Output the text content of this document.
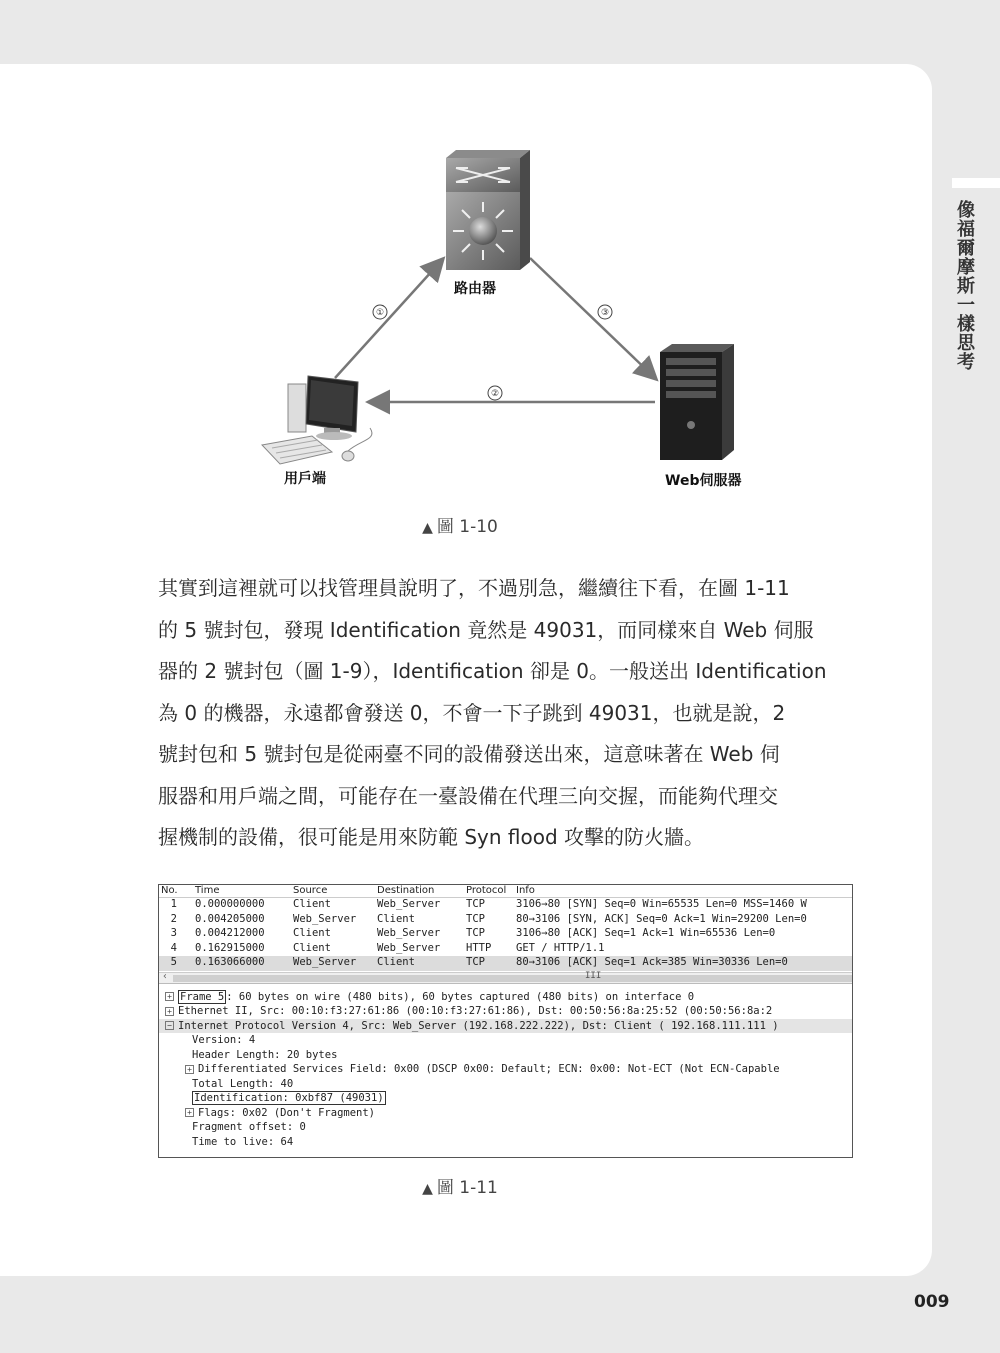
像福爾摩斯一樣思考
①	③
②
路由器
用戶端	Web伺服器
▲ 圖 1-10

其實到這裡就可以找管理員說明了，不過別急，繼續往下看，在圖 1-11

的 5 號封包，發現 Identification 竟然是 49031，而同樣來自 Web 伺服

器的 2 號封包（圖 1-9），Identification 卻是 0。一般送出 Identification

為 0 的機器，永遠都會發送 0，不會一下子跳到 49031，也就是說，2

號封包和 5 號封包是從兩臺不同的設備發送出來，這意味著在 Web 伺

服器和用戶端之間，可能存在一臺設備在代理三向交握，而能夠代理交

握機制的設備，很可能是用來防範 Syn flood 攻擊的防火牆。

No.	Time	Source	Destination	Protocol Info
1	0.000000000	Client	Web_Server	TCP	3106→80 [SYN] Seq=0 Win=65535 Len=0 MSS=1460 W
2	0.004205000	Web_Server	Client	TCP	80→3106 [SYN, ACK] Seq=0 Ack=1 Win=29200 Len=0
3	0.004212000	Client	Web_Server	TCP	3106→80 [ACK] Seq=1 Ack=1 Win=65536 Len=0
4	0.162915000	Client	Web_Server	HTTP	GET / HTTP/1.1
5	0.163066000	Web_Server	Client	TCP	80→3106 [ACK] Seq=1 Ack=385 Win=30336 Len=0
‹	III
+ Frame 5 : 60 bytes on wire (480 bits), 60 bytes captured (480 bits) on interface 0
+ Ethernet II, Src: 00:10:f3:27:61:86 (00:10:f3:27:61:86), Dst: 00:50:56:8a:25:52 (00:50:56:8a:2
− Internet Protocol Version 4, Src: Web_Server (192.168.222.222), Dst: Client ( 192.168.111.111 )
Version: 4
Header Length: 20 bytes
+ Differentiated Services Field: 0x00 (DSCP 0x00: Default; ECN: 0x00: Not-ECT (Not ECN-Capable
Total Length: 40
Identification: 0xbf87 (49031)
+ Flags: 0x02 (Don't Fragment)
Fragment offset: 0
Time to live: 64
▲ 圖 1-11
009
